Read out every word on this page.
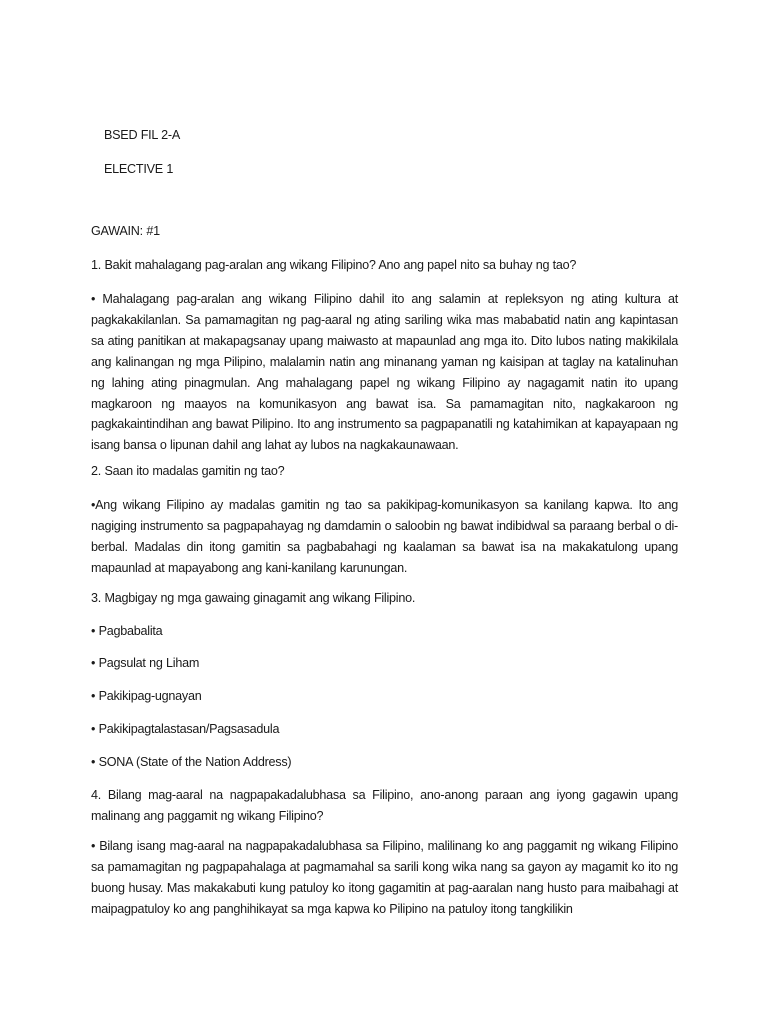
BSED FIL 2-A

ELECTIVE 1

GAWAIN: #1

1. Bakit mahalagang pag-aralan ang wikang Filipino? Ano ang papel nito sa buhay ng tao?

• Mahalagang pag-aralan ang wikang Filipino dahil ito ang salamin at repleksyon ng ating kultura at pagkakakilanlan. Sa pamamagitan ng pag-aaral ng ating sariling wika mas mababatid natin ang kapintasan sa ating panitikan at makapagsanay upang maiwasto at mapaunlad ang mga ito. Dito lubos nating makikilala ang kalinangan ng mga Pilipino, malalamin natin ang minanang yaman ng kaisipan at taglay na katalinuhan ng lahing ating pinagmulan. Ang mahalagang papel ng wikang Filipino ay nagagamit natin ito upang magkaroon ng maayos na komunikasyon ang bawat isa. Sa pamamagitan nito, nagkakaroon ng pagkakaintindihan ang bawat Pilipino. Ito ang instrumento sa pagpapanatili ng katahimikan at kapayapaan ng isang bansa o lipunan dahil ang lahat ay lubos na nagkakaunawaan.

2. Saan ito madalas gamitin ng tao?

•Ang wikang Filipino ay madalas gamitin ng tao sa pakikipag-komunikasyon sa kanilang kapwa. Ito ang nagiging instrumento sa pagpapahayag ng damdamin o saloobin ng bawat indibidwal sa paraang berbal o di-berbal. Madalas din itong gamitin sa pagbabahagi ng kaalaman sa bawat isa na makakatulong upang mapaunlad at mapayabong ang kani-kanilang karunungan.

3. Magbigay ng mga gawaing ginagamit ang wikang Filipino.

• Pagbabalita

• Pagsulat ng Liham

• Pakikipag-ugnayan

• Pakikipagtalastasan/Pagsasadula

• SONA (State of the Nation Address)

4. Bilang mag-aaral na nagpapakadalubhasa sa Filipino, ano-anong paraan ang iyong gagawin upang malinang ang paggamit ng wikang Filipino?

• Bilang isang mag-aaral na nagpapakadalubhasa sa Filipino, malilinang ko ang paggamit ng wikang Filipino sa pamamagitan ng pagpapahalaga at pagmamahal sa sarili kong wika nang sa gayon ay magamit ko ito ng buong husay. Mas makakabuti kung patuloy ko itong gagamitin at pag-aaralan nang husto para maibahagi at maipagpatuloy ko ang panghihikayat sa mga kapwa ko Pilipino na patuloy itong tangkilikin
